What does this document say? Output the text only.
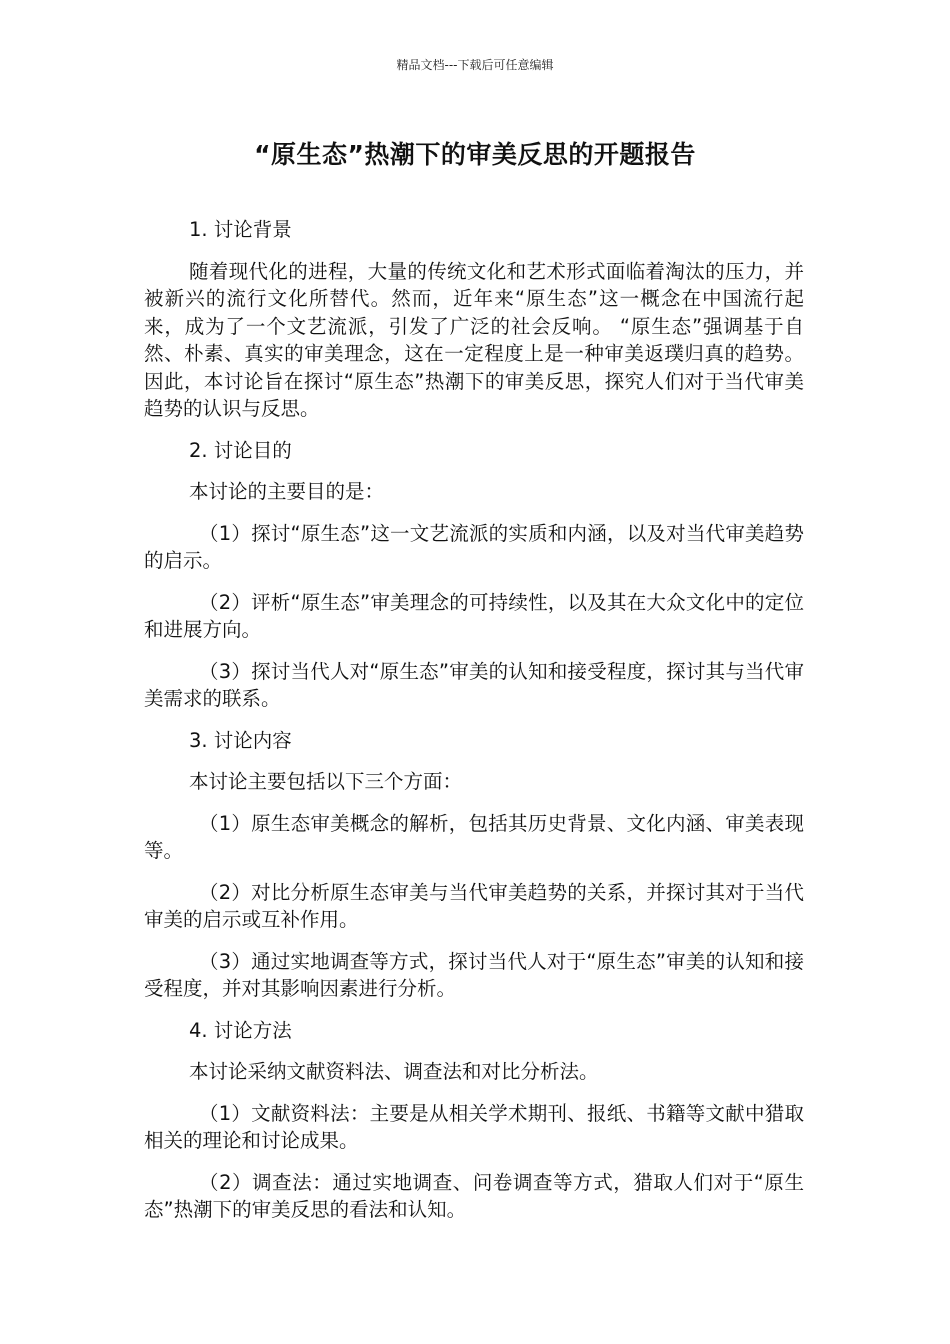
精品文档---下载后可任意编辑
“原生态”热潮下的审美反思的开题报告

1. 讨论背景

随着现代化的进程，大量的传统文化和艺术形式面临着淘汰的压力，并被新兴的流行文化所替代。然而，近年来“原生态”这一概念在中国流行起来，成为了一个文艺流派，引发了广泛的社会反响。 “原生态”强调基于自然、朴素、真实的审美理念，这在一定程度上是一种审美返璞归真的趋势。因此，本讨论旨在探讨“原生态”热潮下的审美反思，探究人们对于当代审美趋势的认识与反思。

2. 讨论目的

本讨论的主要目的是：

（1）探讨“原生态”这一文艺流派的实质和内涵，以及对当代审美趋势的启示。

（2）评析“原生态”审美理念的可持续性，以及其在大众文化中的定位和进展方向。

（3）探讨当代人对“原生态”审美的认知和接受程度，探讨其与当代审美需求的联系。

3. 讨论内容

本讨论主要包括以下三个方面：

（1）原生态审美概念的解析，包括其历史背景、文化内涵、审美表现等。

（2）对比分析原生态审美与当代审美趋势的关系，并探讨其对于当代审美的启示或互补作用。

（3）通过实地调查等方式，探讨当代人对于“原生态”审美的认知和接受程度，并对其影响因素进行分析。

4. 讨论方法

本讨论采纳文献资料法、调查法和对比分析法。

（1）文献资料法：主要是从相关学术期刊、报纸、书籍等文献中猎取相关的理论和讨论成果。

（2）调查法：通过实地调查、问卷调查等方式，猎取人们对于“原生态”热潮下的审美反思的看法和认知。
